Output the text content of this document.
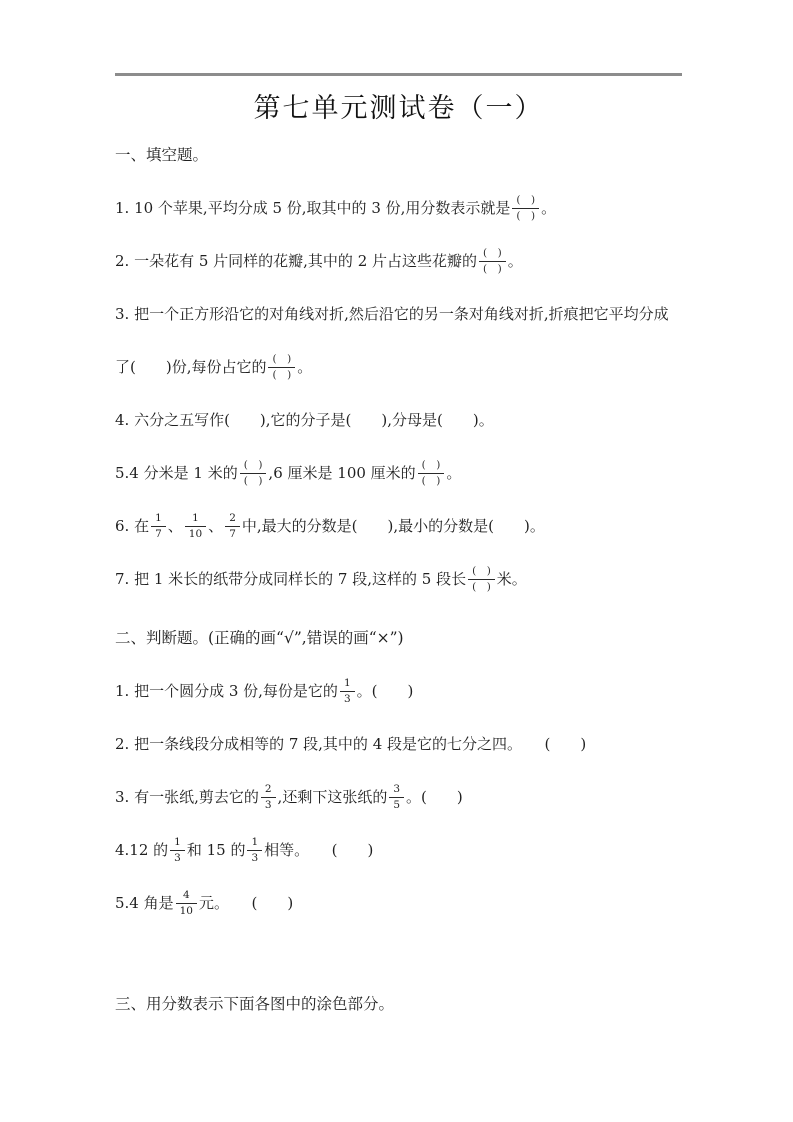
第七单元测试卷（一）

一、填空题。

1. 10 个苹果,平均分成 5 份,取其中的 3 份,用分数表示就是 $\frac{( )}{( )}$ 。

2. 一朵花有 5 片同样的花瓣,其中的 2 片占这些花瓣的 $\frac{( )}{( )}$ 。

3. 把一个正方形沿它的对角线对折,然后沿它的另一条对角线对折,折痕把它平均分成了(　　)份,每份占它的 $\frac{( )}{( )}$ 。

4. 六分之五写作(　　),它的分子是(　　),分母是(　　)。

5.4 分米是 1 米的 $\frac{( )}{( )} ,6$ 厘米是 100 厘米的 $\frac{( )}{( )}$ 。

6. 在 $\frac{1}{7}$ 、 $\frac{1}{10}$ 、 $\frac{2}{7}$ 中,最大的分数是(　　),最小的分数是(　　)。

7. 把 1 米长的纸带分成同样长的 7 段,这样的 5 段长 $\frac{( )}{( )}$ 米。

二、判断题。(正确的画“√”,错误的画“×”)

1. 把一个圆分成 3 份,每份是它的 $\frac{1}{3}$ 。(　　)

2. 把一条线段分成相等的 7 段,其中的 4 段是它的七分之四。　　(　　)

3. 有一张纸,剪去它的 $\frac{2}{3}$ ,还剩下这张纸的 $\frac{3}{5}$ 。(　　)

4.12 的 $\frac{1}{3}$ 和 15 的 $\frac{1}{3}$ 相等。　　(　　)

5.4 角是 $\frac{4}{10}$ 元。　　(　　)

三、用分数表示下面各图中的涂色部分。
